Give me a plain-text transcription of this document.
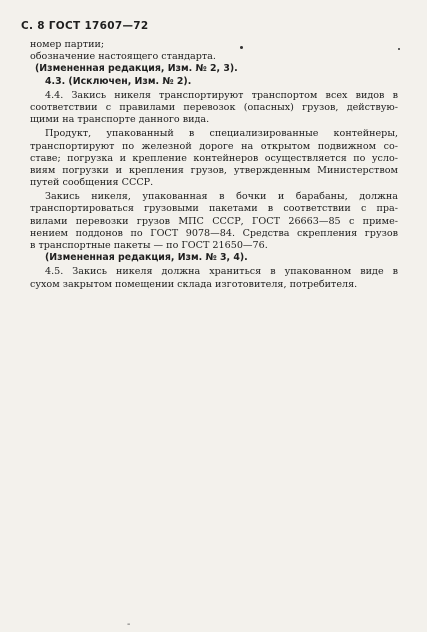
С. 8 ГОСТ 17607—72
номер партии;
обозначение настоящего стандарта.
(Измененная редакция, Изм. № 2, 3).
4.3. (Исключен, Изм. № 2).
4.4. Закись никеля транспортируют транспортом всех видов в
соответствии с правилами перевозок (опасных) грузов, действую-
щими на транспорте данного вида.
Продукт, упакованный в специализированные контейнеры,
транспортируют по железной дороге на открытом подвижном со-
ставе; погрузка и крепление контейнеров осуществляется по усло-
виям погрузки и крепления грузов, утвержденным Министерством
путей сообщения СССР.
Закись никеля, упакованная в бочки и барабаны, должна
транспортироваться грузовыми пакетами в соответствии с пра-
вилами перевозки грузов МПС СССР, ГОСТ 26663—85 с приме-
нением поддонов по ГОСТ 9078—84. Средства скрепления грузов
в транспортные пакеты — по ГОСТ 21650—76.
(Измененная редакция, Изм. № 3, 4).
4.5. Закись никеля должна храниться в упакованном виде в
сухом закрытом помещении склада изготовителя, потребителя.
-
